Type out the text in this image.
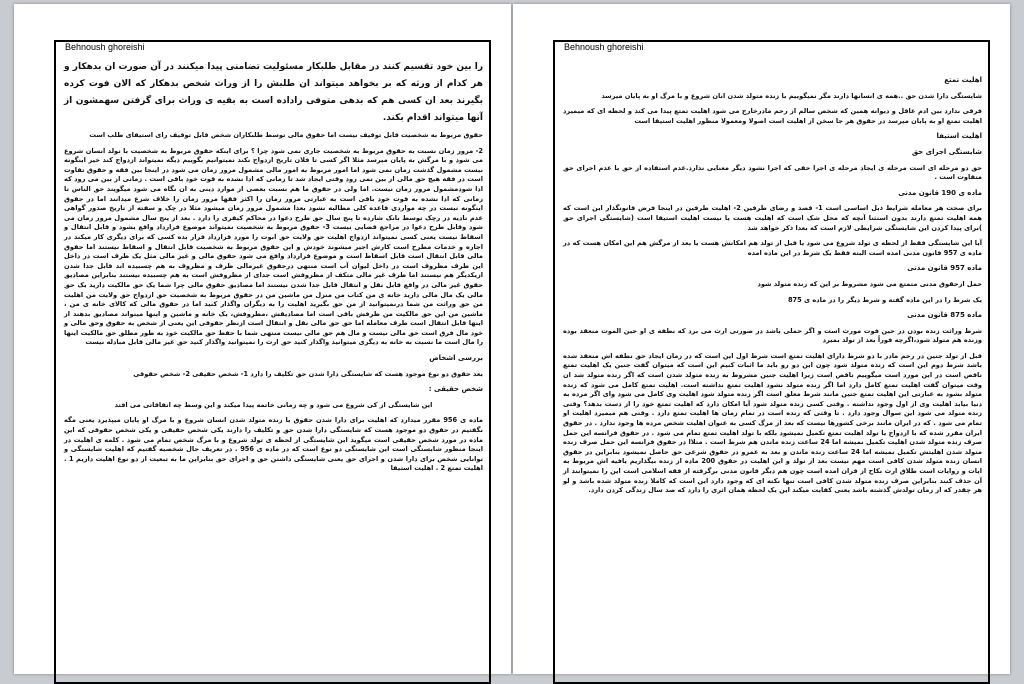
Behnoush ghoreishi

را بین خود تقسیم کنند در مقابل طلبکار مسئولیت تضامنی پیدا میکنند در آن صورت ان بدهکار و هر کدام از ورثه که بر بخواهد میتواند ان طلبش را از وراث شخص بدهکار که الان فوت کرده بگیرند بعد ان کسی هم که بدهی متوفی راداده است به بقیه ی وراث برای گرفتن سهمشون از آنها میتواند اقدام بکند.

حقوق مربوط به شخصیت قابل توقیف نیست اما حقوق مالی توسط طلبکاران شخص قابل توقیف رای استیفای طلب است

2- مرور زمان نسبت به حقوق مربوط به شخصیت جاری نمی شود چرا ؟ برای اینکه حقوق مربوط به شخصیت با تولد انسان شروع می شود و با مرگش به پایان میرسد مثلا اگر کسی تا فلان تاریخ ازدواج نکند نمیتوانیم بگوییم دیگه نمیتواند ازدواج کند خیر اینگونه نیست مشمول گذشت زمان نمی شود اما امور مربوط به امور مالی مشمول مرور زمان می شود در اینجا بین فقه و حقوق تفاوت است در فقه هیچ حق مالی از بین نمی رود وقتی ایجاد شد تا زمانی که ادا نشده به قوت خود باقی است . زمانی از بین می رود که ادا شودمشمول مرور زمان نیست. اما ولی در حقوق ما هم نسبت بعضی از موارد دینی به ان نگاه می شود میگویند حق الناس تا زمانی که ادا نشده به قوت خود باقی است به عبارتی مرور زمان را اکثر فقها مرور زمان را خلاف شرع میدانند اما در حقوق اینگونه نیست در چه مواردی قاعده کلی مطالبه نشود بعدا مشمول مرور زمان میشود مثلا در چک و سفته از تاریخ صدور گواهی عدم تادیه در رچک توسط بانک شارده تا پنج سال حق طرح دعوا در محاکم کیفری را دارد . بعد از پنج سال مشمول مرور زمان می شود وقابل طرح دعوا در مراجع قضایی نیست 3- حقوق مربوط به شخصیت نمیتواند موضوع قرارداد واقع بشود و قابل انتقال و اسقاط نیست یعنی کسی نمیتواند ازدواج اهلیت حق ولایت حق ابوت را مورد قرارداد قرار بده کسی که برای دیگری کار میکند در اجاره و خدمات مطرح است کارش اجیر میشوند خودش و این حقوق مربوط به شخصیت قابل انتقال و اسقاط نیستند اما حقوق مالی قابل انتقال است قابل اسقاط است و موضوع قرارداد واقع می شود حقوق مالی و غیر مالی مثل یک ظرف است در داخل این ظرف مظروف است در داخل لیوان آب است منتهی درحقوق غیرمالی ظرف و مظروف به هم چسبیده اند قابل جدا شدن ازیکدیگر هم نیستند اما ظرف غیر مالی متکف از مظروفش است جدای از مظروفش است به هم چسبیده نیستند بنابراین مصادیق حقوق غیر مالی در واقع قابل نقل و انتقال قابل جدا شدن نیستند اما مصادیق حقوق مالی چرا شما یک حق مالکیت دارید یک حق مالی یک مال مالی دارید خانه ی من کتاب من منزل من ماشین من در حقوق مربوط به شخصیت حق ازدواج حق ولایت من اهلیت من حق وراثت من شما درنمیتوانید از من حق بگیرید اهلیت را به دیگران واگذار کنید اما در حقوق مالی که کالای خانه ی من ، ماشین من این حق مالکیت من ظرفش باقی است اما مصادیقش ،مظروفش، یک خانه و ماشین و اینها میتواند مصادیق بدهند از اینها قابل انتقال است طرف معامله اما حق حق مالی نقل و انتقال است ازنظر حقوقی این یعنی از شخص به حقوق وحق مالی و خود مال فرق است حق مالی نیست و مال هم حق مالی نیست منتهی شما با حفظ حق مالکیت خود به طور مطلق حق مالکیت اینها را مال است ما نسبت به خانه به دیگری میتوانید واگذار کنید حق ارث را نمیتوانید واگذار کنید حق غیر مالی قابل مبادله نیست

بررسی اشخاص

بعد حقوق دو نوع موجود هست که شایستگی دارا شدن حق تکلیف را دارد 1- شخص حقیقی 2- شخص حقوقی

شخص حقیقی :

این شایستگی از کی شروع می شود و چه زمانی خاتمه پیدا میکند و این وسط چه اتفاقاتی می افتد

ماده ی 956 مقرر میدارد که اهلیت برای دارا شدن حقوق با زنده متولد شدن انسان شروع و با مرگ او پایان میپذیرد یعنی مگه نگفتیم در حقوق دو موجود هست که شایستگی دارا شدن حق و تکلیف را دارند یکی شخص حقیقی و یکی شخص حقوقی که این ماده در مورد شخص حقیقی است میگوید این شایستگی از لحظه ی تولد شروع و با مرگ شخص تمام می شود . کلمه ی اهلیت در اینجا منظور شایستگی است این شایستگی دو نوع است که در ماده ی 956 . در تعریف حال شخصیه گفتیم که اهلیت شایستگی و توانایی شخص برای دارا شدن و اجرای حق یعنی شایستگی داشتن حق و اجرای حق بنابراین ما به تبعیت از دو نوع اهلیت داریم 1 . اهلیت تمتع 2 . اهلیت استیفا

Behnoush ghoreishi

اهلیت تمتع

شایستگی دارا شدن حق ..همه ی انسانها دارند مگر نمیگوییم با زنده متولد شدن انان شروع و با مرگ او به پایان میرسد

فرقی ندارد بین ادم عاقل و دیوانه همین که شخص سالم از رحم مادرخارج می شود اهلیت تمتع پیدا می کند و لحظه ای که میمیرد اهلیت تمتع او به پایان میرسد در حقوق هر جا سخن از اهلیت است اصولا ومعمولا منظور اهلیت استیفا است

اهلیت استیفا

شایستگی اجرای حق

حق دو مرحله ای است مرحله ی ایجاد مرحله ی اجرا حقی که اجرا نشود دیگر معنایی ندارد.عدم استفاده از حق با عدم اجرای حق متفاوت است .

ماده ی 190 قانون مدنی

برای صحت هر معامله شرایط ذیل اساسی است 1- قصد و رضای طرفین 2- اهلیت طرفین در اینجا فرض قانونگذار این است که همه اهلیت تمتع دارند بدون استثنا آنچه که محل شک است که اهلیت هست یا نیست اهلیت استیفا است (شایستگی اجرای حق )برای پیدا کردن این شایستگی شرایطی لازم است که بعدا ذکر خواهد شد

آیا این شایستگی فقط از لحظه ی تولد شروع می شود یا قبل از تولد هم امکانش هست یا بعد از مرگش هم این امکان هست که در ماده ی 957 قانون مدنی امده است البته فقط یک شرط در این ماده امده

ماده 957 قانون مدنی

حمل ازحقوق مدنی متمتع می شود مشروط بر این که زنده متولد شود

یک شرط را در این ماده گفته و شرط دیگر را در ماده ی 875

ماده 875 قانون مدنی

شرط وراثت زنده بودن در حین فوت مورث است و اگر حملی باشد در صورتی ارث می برد که نطفه ی او حین الموت منعقد بوده وزنده هم متولد شود،اگرچه فوراً بعد از تولد بمیرد

قبل از تولد جنین در رحم مادر با دو شرط دارای اهلیت تمتع است شرط اول این است که در زمان ایجاد حق نطفه اش منعقد شده باشد شرط دوم این است که زنده متولد شود چون این دو رو باید ما اثبات کنیم این است که میتوان گفت جنین یک اهلیت تمتع ناقص است در این مورد است میگوییم ناقص است زیرا اهلیت جنین مشروط به زنده متولد شدن است که اگر زنده متولد شد ان وقت میتوان گفت اهلیت تمتع کامل دارد اما اگر زنده متولد نشود اهلیت تمتع نداشته است. اهلیت تمتع کامل می شود که زنده متولد بشود به عبارتی این اهلیت تمتع جنین مانند شرط معلق است اگر زنده متولد شود اهلیت وی کامل می شود وای اگر مرده به دنیا بیاید اهلیت وی از اول وجود نداشته . وقتی کسی زنده متولد شود آیا امکان دارد که اهلیت تمتع خود را از دست بدهد؟ وقتی زنده متولد می شود این سوال وجود دارد . تا وقتی که زنده است در تمام زمان ها اهلیت تمتع دارد . وقتی هم میمیرد اهلیت او تمام می شود . که در ایران مانند برخی کشورها نیست که بعد از مرگ کسی به عنوان اهلیت شخص مرده ها وجود ندارد . در حقوق ایران مقرر شده که با ازدواج یا تولد اهلیت تمتع تکمیل نمیشود بلکه با تولد اهلیت تمتع تمام می شود . در حقوق فرانسه این حمل صرف زنده متولد شدن اهلیت تکمیل نمیشه اما 24 ساعت زنده ماندن هم شرط است . متلاا در حقوق فرانسه این حمل صرف زنده متولد شدن اهلیتش تکمیل نمیشه اما 24 ساعت زنده ماندن و بعد به عمرو در حقوق شرعی حق حاصل نمیشود بنابراین در حقوق انسان زنده متولد شدن کافی است مهم نیست بعد از تولد و این اهلیت در حقوق 200 ماده از زنده بیگذاریم یافیه اش مربوط به ایات و روایات است طلاق ارث نکاح از قران امده است چون هم دیگر قانون مدنی برگرفته از فقه اسلامی است این را نمیتوانند از آن حذف کنند بنابراین صرف زنده متولد شدن کافی است تنها نکته ای که وجود دارد این است که کاملا زنده متولد شده باشد و لو هر چقدر که از زمان تولدش گذشته باشد یعنی کفایت میکند این یک لحظه همان اثری را دارد که صد سال زندگی کردن دارد.
